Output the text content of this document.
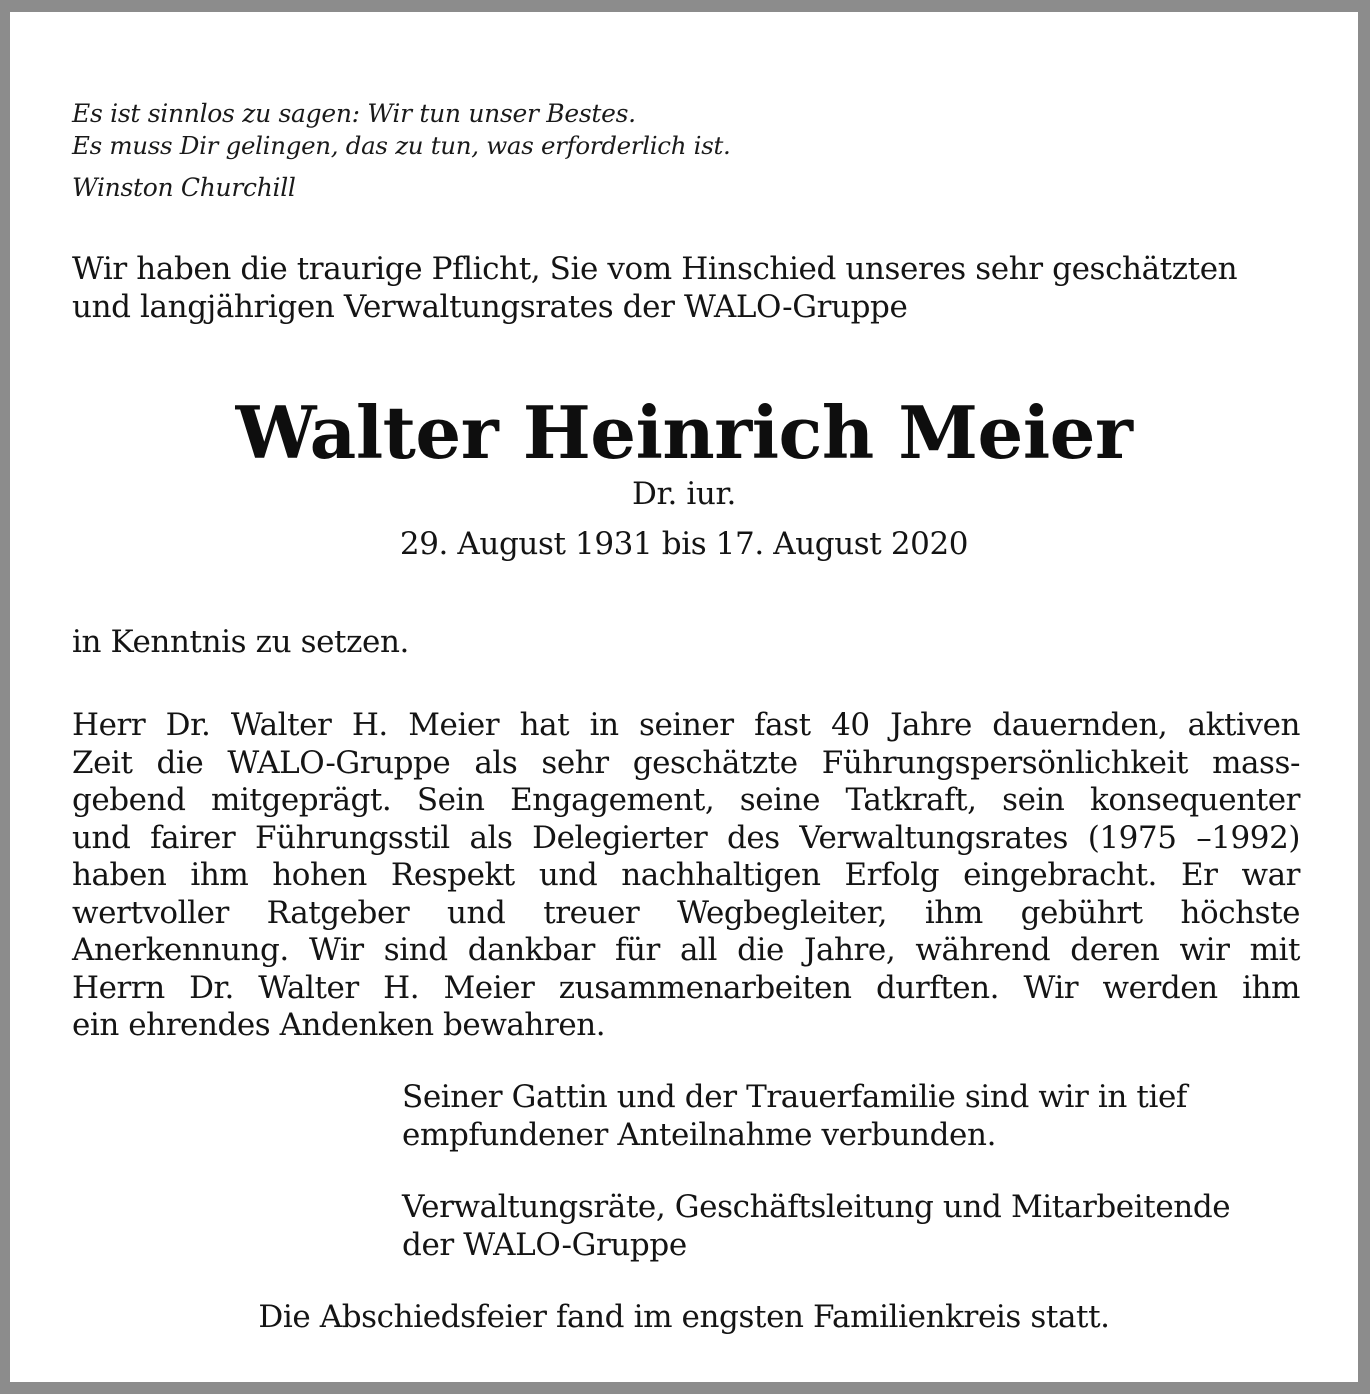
Es ist sinnlos zu sagen: Wir tun unser Bestes.
Es muss Dir gelingen, das zu tun, was erforderlich ist.
Winston Churchill
Wir haben die traurige Pflicht, Sie vom Hinschied unseres sehr geschätzten
und langjährigen Verwaltungsrates der WALO-Gruppe
Walter Heinrich Meier
Dr. iur.
29. August 1931 bis 17. August 2020
in Kenntnis zu setzen.
Herr Dr. Walter H. Meier hat in seiner fast 40 Jahre dauernden, aktiven
Zeit die WALO-Gruppe als sehr geschätzte Führungspersönlichkeit mass-
gebend mitgeprägt. Sein Engagement, seine Tatkraft, sein konsequenter
und fairer Führungsstil als Delegierter des Verwaltungsrates (1975 –1992)
haben ihm hohen Respekt und nachhaltigen Erfolg eingebracht. Er war
wertvoller Ratgeber und treuer Wegbegleiter, ihm gebührt höchste
Anerkennung. Wir sind dankbar für all die Jahre, während deren wir mit
Herrn Dr. Walter H. Meier zusammenarbeiten durften. Wir werden ihm
ein ehrendes Andenken bewahren.
Seiner Gattin und der Trauerfamilie sind wir in tief
empfundener Anteilnahme verbunden.
Verwaltungsräte, Geschäftsleitung und Mitarbeitende
der WALO-Gruppe
Die Abschiedsfeier fand im engsten Familienkreis statt.
